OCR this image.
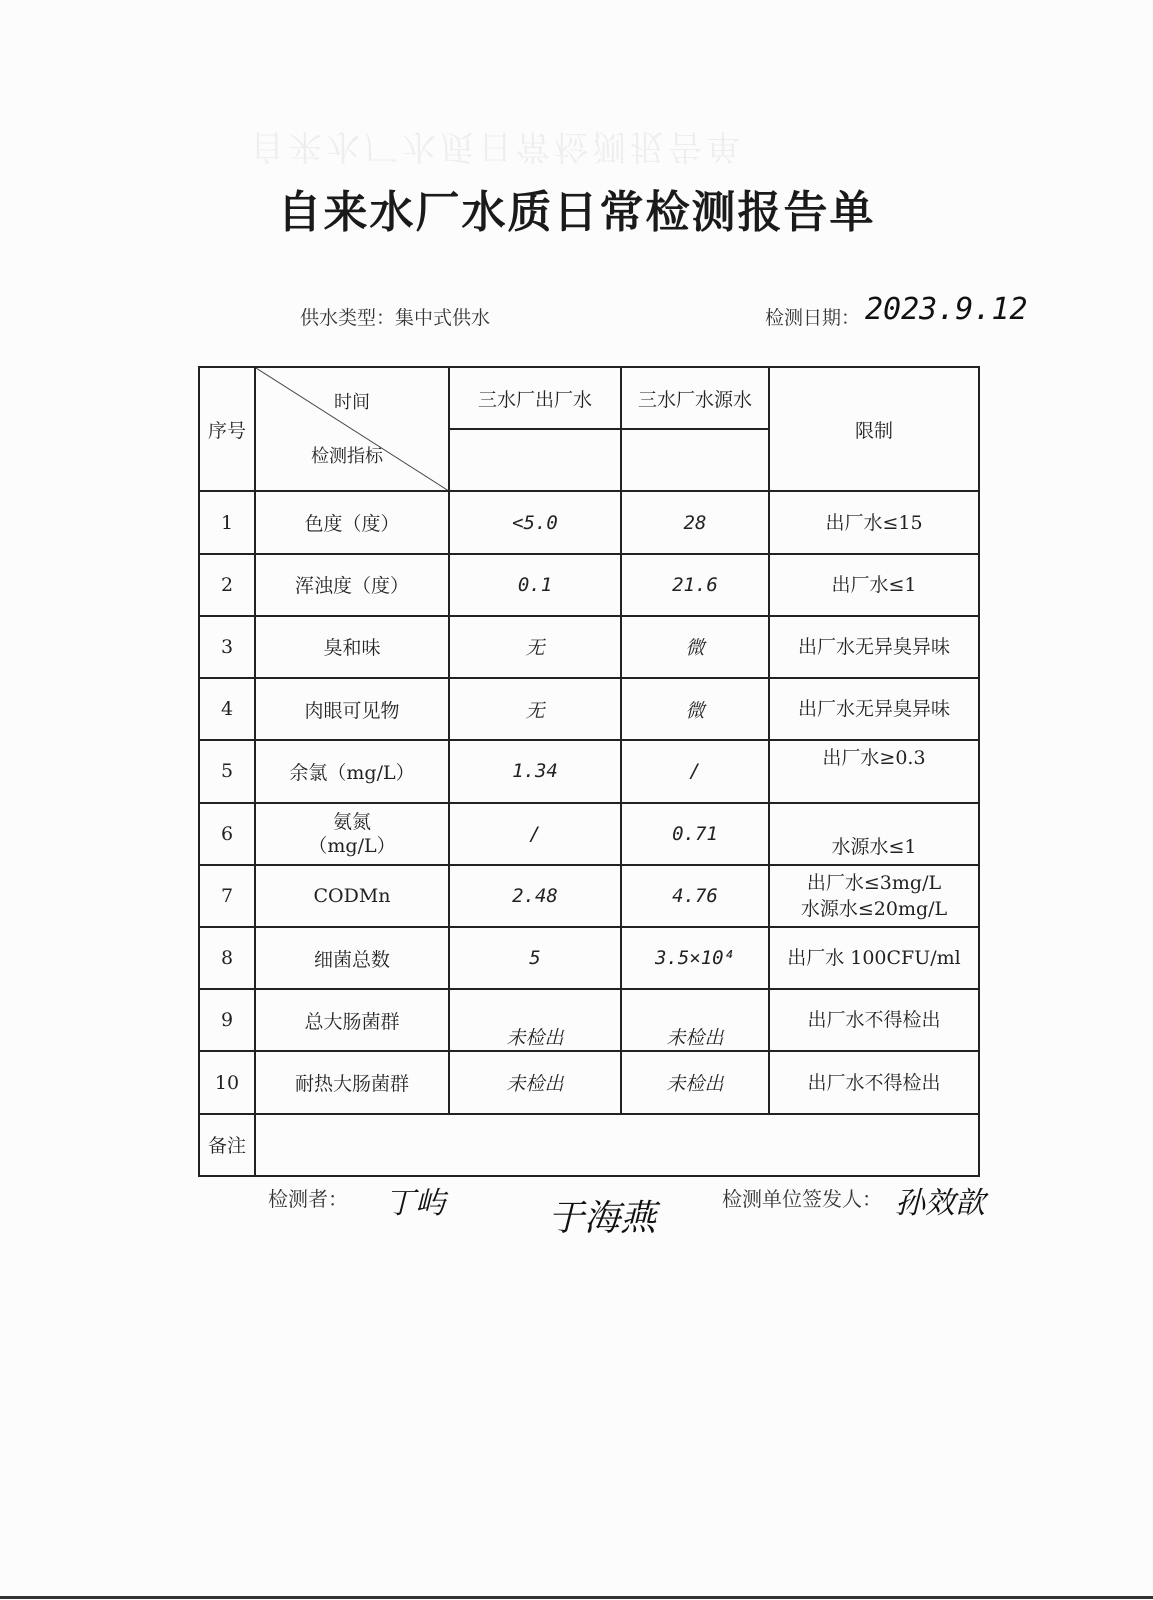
自来水厂水质日常检测报告单
自来水厂水质日常检测报告单
供水类型：集中式供水	检测日期： 2023.9.12
序号	时间
检测指标	三水厂出厂水	三水厂水源水	限制

1	色度（度）	<5.0	28	出厂水≤15
2	浑浊度（度）	0.1	21.6	出厂水≤1
3	臭和味	无	微	出厂水无异臭异味
4	肉眼可见物	无	微	出厂水无异臭异味
5	余氯（mg/L）	1.34	/	出厂水≥0.3
6	氨氮
（mg/L）	/	0.71	水源水≤1
7	CODMn	2.48	4.76	出厂水≤3mg/L
水源水≤20mg/L

8	细菌总数	5	3.5×10⁴	出厂水 100CFU/ml
9	总大肠菌群	未检出	未检出	出厂水不得检出
10	耐热大肠菌群	未检出	未检出	出厂水不得检出
备注				
检测者： 丁屿	于海燕	检测单位签发人： 孙效歆
